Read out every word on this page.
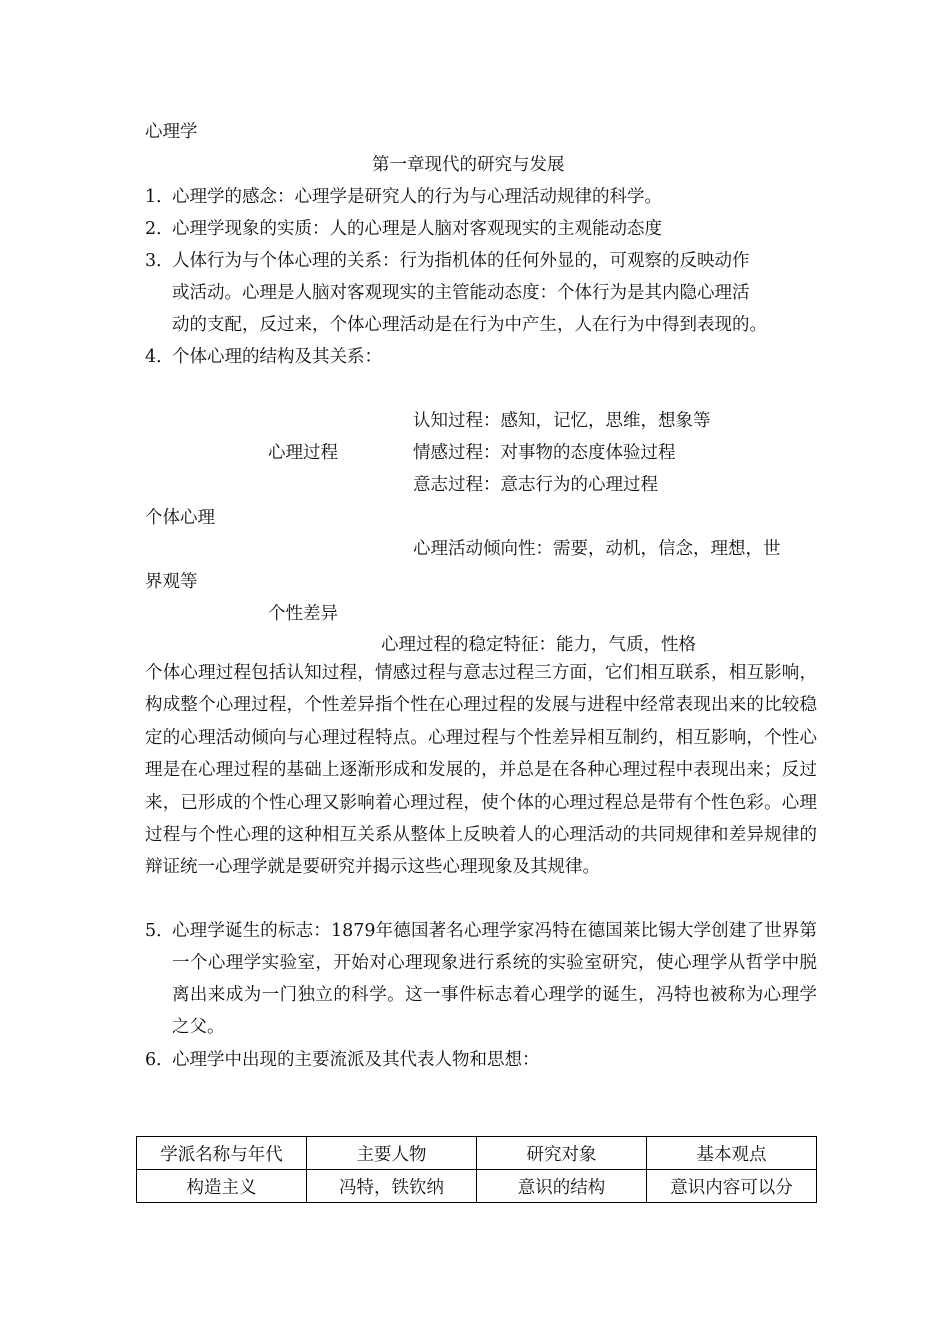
心理学

第一章现代的研究与发展
1．
心理学的感念：心理学是研究人的行为与心理活动规律的科学。
2．
心理学现象的实质：人的心理是人脑对客观现实的主观能动态度
3．
人体行为与个体心理的关系：行为指机体的任何外显的，可观察的反映动作
或活动。心理是人脑对客观现实的主管能动态度：个体行为是其内隐心理活
动的支配，反过来，个体心理活动是在行为中产生，人在行为中得到表现的。
4．
个体心理的结构及其关系：
认知过程：感知，记忆，思维，想象等
心理过程	情感过程：对事物的态度体验过程
意志过程：意志行为的心理过程
个体心理
心理活动倾向性：需要，动机，信念，理想，世
界观等
个性差异
心理过程的稳定特征：能力，气质，性格

个体心理过程包括认知过程，情感过程与意志过程三方面，它们相互联系，相互影响，构成整个心理过程，个性差异指个性在心理过程的发展与进程中经常表现出来的比较稳定的心理活动倾向与心理过程特点。心理过程与个性差异相互制约，相互影响，个性心理是在心理过程的基础上逐渐形成和发展的，并总是在各种心理过程中表现出来；反过来，已形成的个性心理又影响着心理过程，使个体的心理过程总是带有个性色彩。心理过程与个性心理的这种相互关系从整体上反映着人的心理活动的共同规律和差异规律的辩证统一心理学就是要研究并揭示这些心理现象及其规律。

5．

心理学诞生的标志：1879年德国著名心理学家冯特在德国莱比锡大学创建了世界第一个心理学实验室，开始对心理现象进行系统的实验室研究，使心理学从哲学中脱离出来成为一门独立的科学。这一事件标志着心理学的诞生，冯特也被称为心理学之父。

6．
心理学中出现的主要流派及其代表人物和思想：
学派名称与年代	主要人物	研究对象	基本观点
构造主义	冯特，铁钦纳	意识的结构	意识内容可以分
